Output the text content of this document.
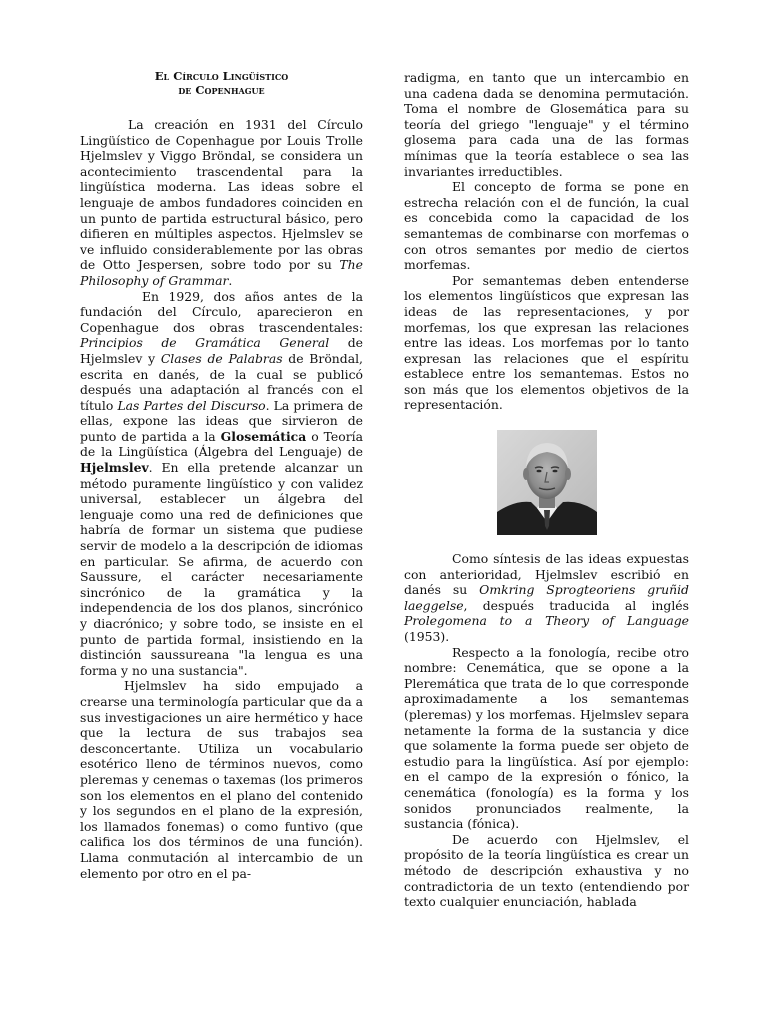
El Círculo Lingüístico
de Copenhague

La creación en 1931 del Círculo Lingüístico de Copenhague por Louis Trolle Hjelmslev y Viggo Bröndal, se considera un acontecimiento trascendental para la lingüística moderna. Las ideas sobre el lenguaje de ambos fundadores coinciden en un punto de partida estructural básico, pero difieren en múltiples aspectos. Hjelmslev se ve influido considerablemente por las obras de Otto Jespersen, sobre todo por su The Philosophy of Grammar.

En 1929, dos años antes de la fundación del Círculo, aparecieron en Copenhague dos obras trascendentales: Principios de Gramática General de Hjelmslev y Clases de Palabras de Bröndal, escrita en danés, de la cual se publicó después una adaptación al francés con el título Las Partes del Discurso. La primera de ellas, expone las ideas que sirvieron de punto de partida a la Glosemática o Teoría de la Lingüística (Álgebra del Lenguaje) de Hjelmslev. En ella pretende alcanzar un método puramente lingüístico y con validez universal, establecer un álgebra del lenguaje como una red de definiciones que habría de formar un sistema que pudiese servir de modelo a la descripción de idiomas en particular. Se afirma, de acuerdo con Saussure, el carácter necesariamente sincrónico de la gramática y la independencia de los dos planos, sincrónico y diacrónico; y sobre todo, se insiste en el punto de partida formal, insistiendo en la distinción saussureana "la lengua es una forma y no una sustancia".

Hjelmslev ha sido empujado a crearse una terminología particular que da a sus investigaciones un aire hermético y hace que la lectura de sus trabajos sea desconcertante. Utiliza un vocabulario esotérico lleno de términos nuevos, como pleremas y cenemas o taxemas (los primeros son los elementos en el plano del contenido y los segundos en el plano de la expresión, los llamados fonemas) o como funtivo (que califica los dos términos de una función). Llama conmutación al intercambio de un elemento por otro en el pa-

radigma, en tanto que un intercambio en una cadena dada se denomina permutación. Toma el nombre de Glosemática para su teoría del griego "lenguaje" y el término glosema para cada una de las formas mínimas que la teoría establece o sea las invariantes irreductibles.

El concepto de forma se pone en estrecha relación con el de función, la cual es concebida como la capacidad de los semantemas de combinarse con morfemas o con otros semantes por medio de ciertos morfemas.

Por semantemas deben entenderse los elementos lingüísticos que expresan las ideas de las representaciones, y por morfemas, los que expresan las relaciones entre las ideas. Los morfemas por lo tanto expresan las relaciones que el espíritu establece entre los semantemas. Estos no son más que los elementos objetivos de la representación.

Como síntesis de las ideas expuestas con anterioridad, Hjelmslev escribió en danés su Omkring Sprogteoriens gruñid laeggelse, después traducida al inglés Prolegomena to a Theory of Language (1953).

Respecto a la fonología, recibe otro nombre: Cenemática, que se opone a la Pleremática que trata de lo que corresponde aproximadamente a los semantemas (pleremas) y los morfemas. Hjelmslev separa netamente la forma de la sustancia y dice que solamente la forma puede ser objeto de estudio para la lingüística. Así por ejemplo: en el campo de la expresión o fónico, la cenemática (fonología) es la forma y los sonidos pronunciados realmente, la sustancia (fónica).

De acuerdo con Hjelmslev, el propósito de la teoría lingüística es crear un método de descripción exhaustiva y no contradictoria de un texto (entendiendo por texto cualquier enunciación, hablada
